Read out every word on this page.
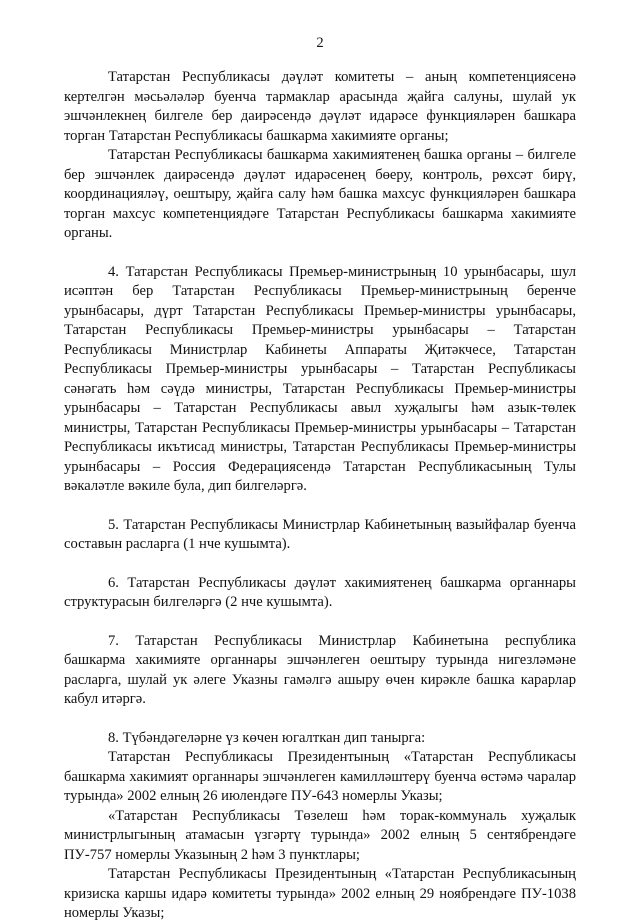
2

Татарстан Республикасы дәүләт комитеты – аның компетенциясенә кертелгән мәсьәләләр буенча тармаклар арасында җайга салуны, шулай ук эшчәнлекнең билгеле бер даирәсендә дәүләт идарәсе функцияләрен башкара торган Татарстан Республикасы башкарма хакимияте органы;

Татарстан Республикасы башкарма хакимиятенең башка органы – билгеле бер эшчәнлек даирәсендә дәүләт идарәсенең бөеру, контроль, рөхсәт бирү, координацияләү, оештыру, җайга салу һәм башка махсус функцияләрен башкара торган махсус компетенциядәге Татарстан Республикасы башкарма хакимияте органы.

4. Татарстан Республикасы Премьер-министрының 10 урынбасары, шул исәптән бер Татарстан Республикасы Премьер-министрының беренче урынбасары, дүрт Татарстан Республикасы Премьер-министры урынбасары, Татарстан Республикасы Премьер-министры урынбасары – Татарстан Республикасы Министрлар Кабинеты Аппараты Җитәкчесе, Татарстан Республикасы Премьер-министры урынбасары – Татарстан Республикасы сәнәгать һәм сәүдә министры, Татарстан Республикасы Премьер-министры урынбасары – Татарстан Республикасы авыл хуҗалыгы һәм азык-төлек министры, Татарстан Республикасы Премьер-министры урынбасары – Татарстан Республикасы икътисад министры, Татарстан Республикасы Премьер-министры урынбасары – Россия Федерациясендә Татарстан Республикасының Тулы вәкаләтле вәкиле була, дип билгеләргә.

5. Татарстан Республикасы Министрлар Кабинетының вазыйфалар буенча составын расларга (1 нче кушымта).

6. Татарстан Республикасы дәүләт хакимиятенең башкарма органнары структурасын билгеләргә (2 нче кушымта).

7. Татарстан Республикасы Министрлар Кабинетына республика башкарма хакимияте органнары эшчәнлеген оештыру турында нигезләмәне расларга, шулай ук әлеге Указны гамәлгә ашыру өчен кирәкле башка карарлар кабул итәргә.

8. Түбәндәгеләрне үз көчен югалткан дип танырга:

Татарстан Республикасы Президентының «Татарстан Республикасы башкарма хакимият органнары эшчәнлеген камилләштерү буенча өстәмә чаралар турында» 2002 елның 26 июлендәге ПУ-643 номерлы Указы;

«Татарстан Республикасы Төзелеш һәм торак-коммуналь хуҗалык министрлыгының атамасын үзгәртү турында» 2002 елның 5 сентябрендәге ПУ-757 номерлы Указының 2 һәм 3 пунктлары;

Татарстан Республикасы Президентының «Татарстан Республикасының кризиска каршы идарә комитеты турында» 2002 елның 29 ноябрендәге ПУ-1038 номерлы Указы;
